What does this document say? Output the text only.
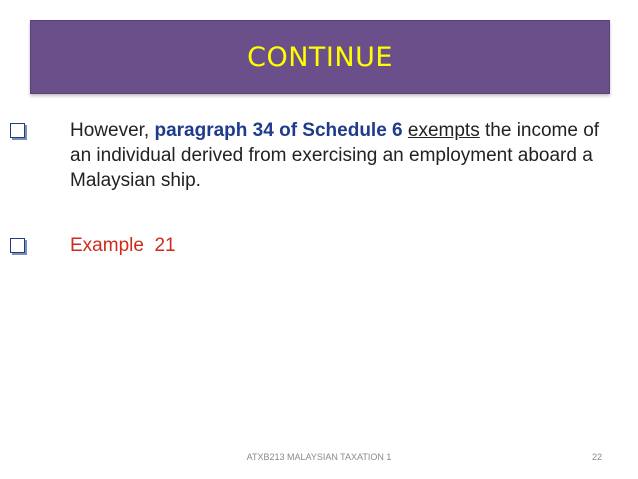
CONTINUE
However, paragraph 34 of Schedule 6 exempts the income of an individual derived from exercising an employment aboard a Malaysian ship.
Example  21
ATXB213 MALAYSIAN TAXATION 1	22
